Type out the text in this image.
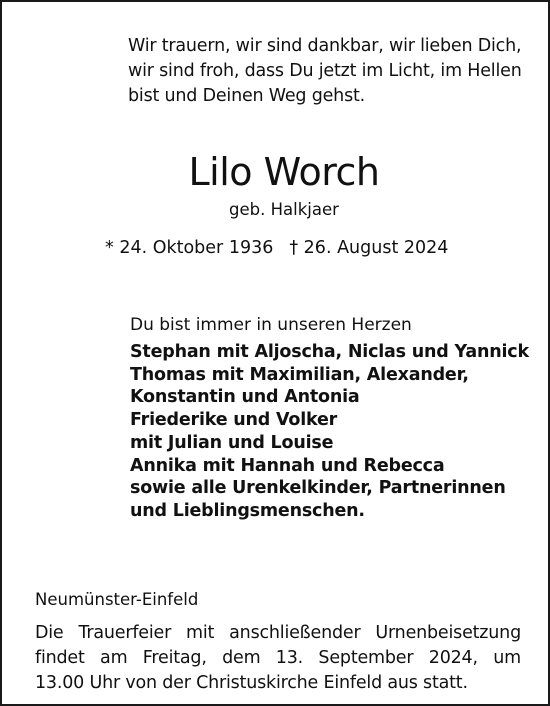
Wir trauern, wir sind dankbar, wir lieben Dich,
wir sind froh, dass Du jetzt im Licht, im Hellen
bist und Deinen Weg gehst.
Lilo Worch
geb. Halkjaer
* 24. Oktober 1936 † 26. August 2024
Du bist immer in unseren Herzen
Stephan mit Aljoscha, Niclas und Yannick
Thomas mit Maximilian, Alexander,
Konstantin und Antonia
Friederike und Volker
mit Julian und Louise
Annika mit Hannah und Rebecca
sowie alle Urenkelkinder, Partnerinnen
und Lieblingsmenschen.
Neumünster-Einfeld
Die Trauerfeier mit anschließender Urnenbeisetzung
findet am Freitag, dem 13. September 2024, um
13.00 Uhr von der Christuskirche Einfeld aus statt.
